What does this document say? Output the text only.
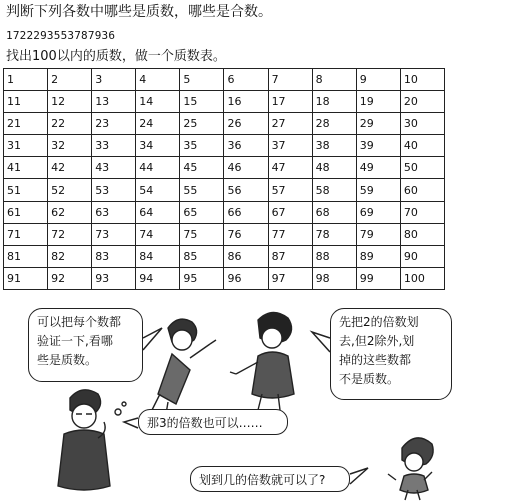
判断下列各数中哪些是质数，哪些是合数。
1722293553787936
找出100以内的质数，做一个质数表。
1	2	3	4	5	6	7	8	9	10
11	12	13	14	15	16	17	18	19	20
21	22	23	24	25	26	27	28	29	30
31	32	33	34	35	36	37	38	39	40
41	42	43	44	45	46	47	48	49	50
51	52	53	54	55	56	57	58	59	60
61	62	63	64	65	66	67	68	69	70
71	72	73	74	75	76	77	78	79	80
81	82	83	84	85	86	87	88	89	90
91	92	93	94	95	96	97	98	99	100
可以把每个数都
验证一下,看哪
些是质数。
先把2的倍数划
去,但2除外,划
掉的这些数都
不是质数。
那3的倍数也可以……
划到几的倍数就可以了?
